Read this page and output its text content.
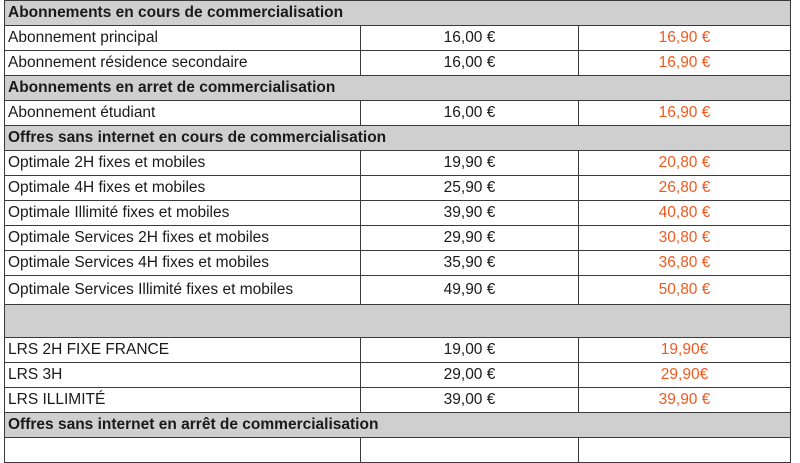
Abonnements en cours de commercialisation		
Abonnement principal	16,00 €	16,90 €
Abonnement résidence secondaire	16,00 €	16,90 €
Abonnements en arret de commercialisation		
Abonnement étudiant	16,00 €	16,90 €
Offres sans internet en cours de commercialisation		
Optimale 2H fixes et mobiles	19,90 €	20,80 €
Optimale 4H fixes et mobiles	25,90 €	26,80 €
Optimale Illimité fixes et mobiles	39,90 €	40,80 €
Optimale Services 2H fixes et mobiles	29,90 €	30,80 €
Optimale Services 4H fixes et mobiles	35,90 €	36,80 €
Optimale Services Illimité fixes et mobiles	49,90 €	50,80 €

LRS 2H FIXE FRANCE	19,00 €	19,90€
LRS 3H	29,00 €	29,90€
LRS ILLIMITÉ	39,00 €	39,90 €
Offres sans internet en arrêt de commercialisation		
